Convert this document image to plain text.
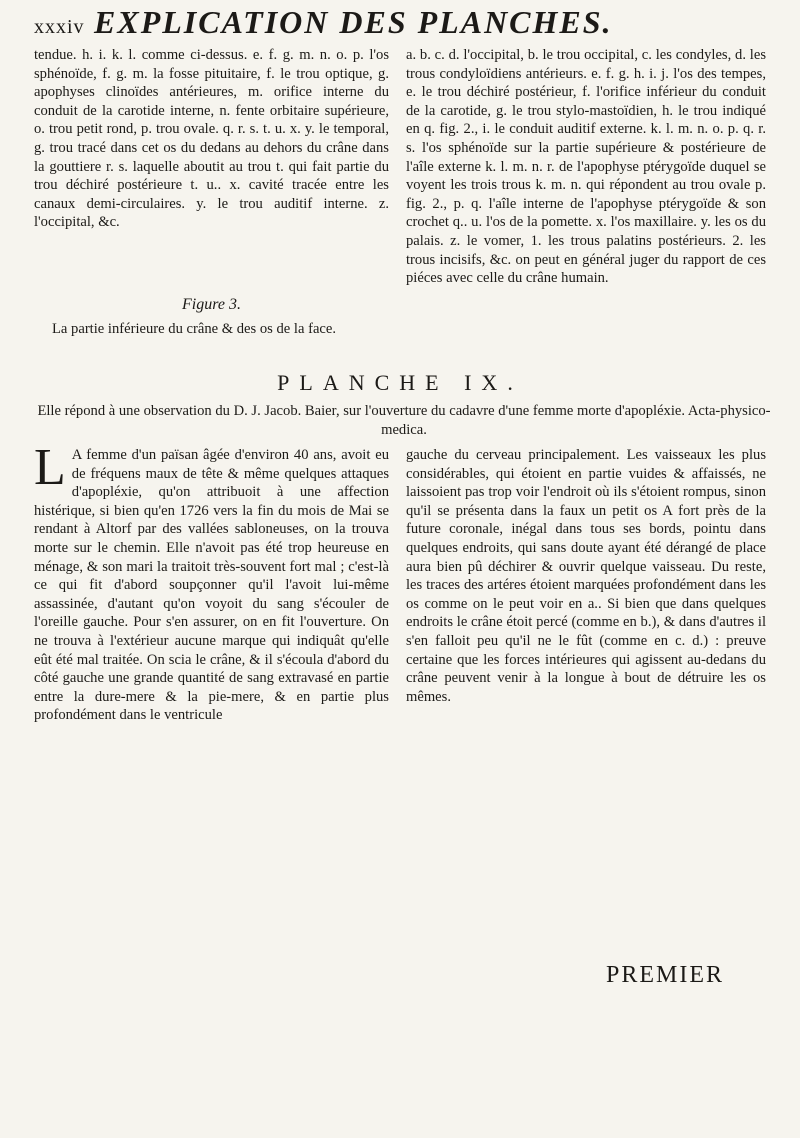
xxxiv EXPLICATION DES PLANCHES.

tendue. h. i. k. l. comme ci-dessus. e. f. g. m. n. o. p. l'os sphénoïde, f. g. m. la fosse pituitaire, f. le trou optique, g. apophyses clinoïdes antérieures, m. orifice interne du conduit de la carotide interne, n. fente orbitaire supérieure, o. trou petit rond, p. trou ovale. q. r. s. t. u. x. y. le temporal, g. trou tracé dans cet os du dedans au dehors du crâne dans la gouttiere r. s. laquelle aboutit au trou t. qui fait partie du trou déchiré postérieure t. u.. x. cavité tracée entre les canaux demi-circulaires. y. le trou auditif interne. z. l'occipital, &c.

Figure 3.
La partie inférieure du crâne & des os de la face.

a. b. c. d. l'occipital, b. le trou occipital, c. les condyles, d. les trous condyloïdiens antérieurs. e. f. g. h. i. j. l'os des tempes, e. le trou déchiré postérieur, f. l'orifice inférieur du conduit de la carotide, g. le trou stylo-mastoïdien, h. le trou indiqué en q. fig. 2., i. le conduit auditif externe. k. l. m. n. o. p. q. r. s. l'os sphénoïde sur la partie supérieure & postérieure de l'aîle externe k. l. m. n. r. de l'apophyse ptérygoïde duquel se voyent les trois trous k. m. n. qui répondent au trou ovale p. fig. 2., p. q. l'aîle interne de l'apophyse ptérygoïde & son crochet q.. u. l'os de la pomette. x. l'os maxillaire. y. les os du palais. z. le vomer, 1. les trous palatins postérieurs. 2. les trous incisifs, &c. on peut en général juger du rapport de ces piéces avec celle du crâne humain.

PLANCHE IX.
Elle répond à une observation du D. J. Jacob. Baier, sur l'ouverture du cadavre d'une femme morte d'apopléxie. Acta-physico-medica.
L A femme d'un païsan âgée d'environ 40 ans, avoit eu de fréquens maux de tête & même quelques attaques d'apopléxie, qu'on attribuoit à une affection histérique, si bien qu'en 1726 vers la fin du mois de Mai se rendant à Altorf par des vallées sabloneuses, on la trouva morte sur le chemin. Elle n'avoit pas été trop heureuse en ménage, & son mari la traitoit très-souvent fort mal ; c'est-là ce qui fit d'abord soupçonner qu'il l'avoit lui-même assassinée, d'autant qu'on voyoit du sang s'écouler de l'oreille gauche. Pour s'en assurer, on en fit l'ouverture. On ne trouva à l'extérieur aucune marque qui indiquât qu'elle eût été mal traitée. On scia le crâne, & il s'écoula d'abord du côté gauche une grande quantité de sang extravasé en partie entre la dure-mere & la pie-mere, & en partie plus profondément dans le ventricule

gauche du cerveau principalement. Les vaisseaux les plus considérables, qui étoient en partie vuides & affaissés, ne laissoient pas trop voir l'endroit où ils s'étoient rompus, sinon qu'il se présenta dans la faux un petit os A fort près de la future coronale, inégal dans tous ses bords, pointu dans quelques endroits, qui sans doute ayant été dérangé de place aura bien pû déchirer & ouvrir quelque vaisseau. Du reste, les traces des artéres étoient marquées profondément dans les os comme on le peut voir en a.. Si bien que dans quelques endroits le crâne étoit percé (comme en b.), & dans d'autres il s'en falloit peu qu'il ne le fût (comme en c. d.) : preuve certaine que les forces intérieures qui agissent au-dedans du crâne peuvent venir à la longue à bout de détruire les os mêmes.

PREMIER
